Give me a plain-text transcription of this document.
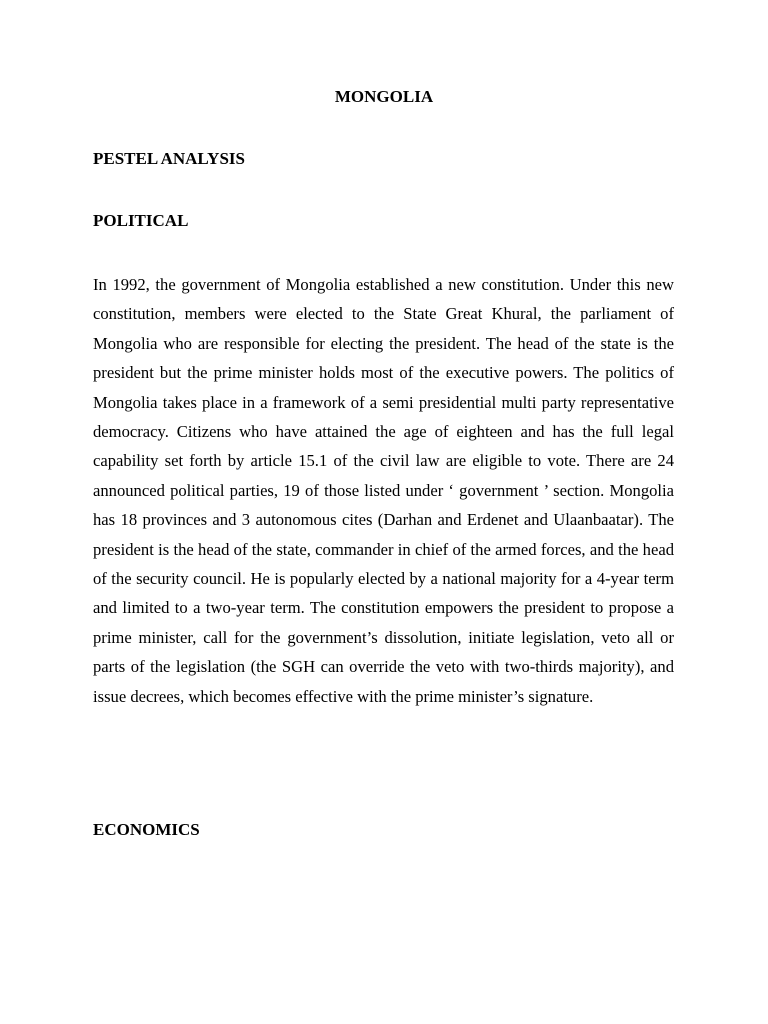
MONGOLIA
PESTEL ANALYSIS
POLITICAL

In 1992, the government of Mongolia established a new constitution. Under this new constitution, members were elected to the State Great Khural, the parliament of Mongolia who are responsible for electing the president. The head of the state is the president but the prime minister holds most of the executive powers. The politics of Mongolia takes place in a framework of a semi presidential multi party representative democracy. Citizens who have attained the age of eighteen and has the full legal capability set forth by article 15.1 of the civil law are eligible to vote. There are 24 announced political parties, 19 of those listed under ‘ government ’ section. Mongolia has 18 provinces and 3 autonomous cites (Darhan and Erdenet and Ulaanbaatar). The president is the head of the state, commander in chief of the armed forces, and the head of the security council. He is popularly elected by a national majority for a 4-year term and limited to a two-year term. The constitution empowers the president to propose a prime minister, call for the government’s dissolution, initiate legislation, veto all or parts of the legislation (the SGH can override the veto with two-thirds majority), and issue decrees, which becomes effective with the prime minister’s signature.

ECONOMICS
